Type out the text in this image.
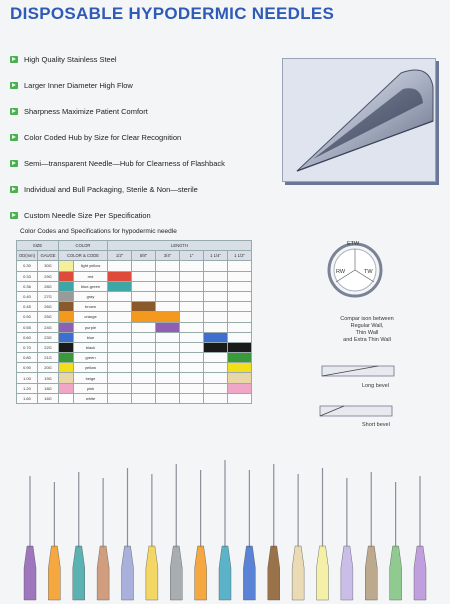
DISPOSABLE HYPODERMIC NEEDLES
High Quality Stainless Steel
Larger Inner Diameter High Flow
Sharpness Maximize Patient Comfort
Color Coded Hub by Size for Clear Recognition
Semi—transparent Needle—Hub for Clearness of Flashback
Individual and Bull Packaging, Sterile & Non—sterile
Custom Needle Size Per Specification
Color Codes and Specifications for hypodermic needle
SIZE		COLOR		LENGTH					
OD(mm)	GAUGE	COLOR & CODE		1/2"	5/8"	3/4"	1"	1 1/4"	1 1/2"
0.30	30G		light yellow						
0.33	29G		red						
0.36	28G		blue-green						
0.40	27G		gray						
0.45	26G		brown						
0.50	25G		orange						
0.55	24G		purple						
0.60	23G		blue						
0.70	22G		black						
0.80	21G		green						
0.90	20G		yellow						
1.00	19G		beige						
1.20	18G		pink						
1.60	16G		white						
ETW
RW	TW
Compar ison between
Regular Wall,
Thin Wall
and Extra Thin Wall
Long bevel
Short bevel
